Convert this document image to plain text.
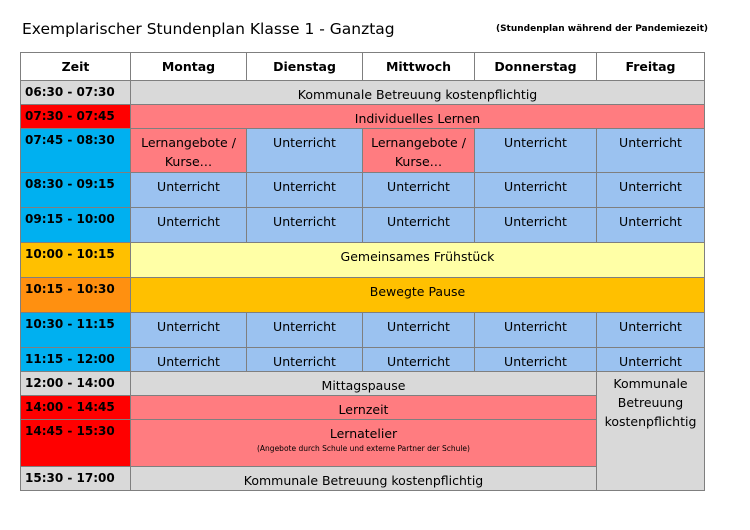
Exemplarischer Stundenplan Klasse 1 - Ganztag	(Stundenplan während der Pandemiezeit)
Zeit	Montag	Dienstag	Mittwoch	Donnerstag	Freitag
06:30 - 07:30	Kommunale Betreuung kostenpflichtig				
07:30 - 07:45	Individuelles Lernen				
07:45 - 08:30	Lernangebote / Kurse…	Unterricht	Lernangebote / Kurse…	Unterricht	Unterricht
08:30 - 09:15	Unterricht	Unterricht	Unterricht	Unterricht	Unterricht
09:15 - 10:00	Unterricht	Unterricht	Unterricht	Unterricht	Unterricht
10:00 - 10:15	Gemeinsames Frühstück				
10:15 - 10:30	Bewegte Pause				
10:30 - 11:15	Unterricht	Unterricht	Unterricht	Unterricht	Unterricht
11:15 - 12:00	Unterricht	Unterricht	Unterricht	Unterricht	Unterricht
12:00 - 14:00	Mittagspause				Kommunale Betreuung kostenpflichtig
14:00 - 14:45	Lernzeit				
14:45 - 15:30	Lernatelier
(Angebote durch Schule und externe Partner der Schule)				

15:30 - 17:00	Kommunale Betreuung kostenpflichtig				
